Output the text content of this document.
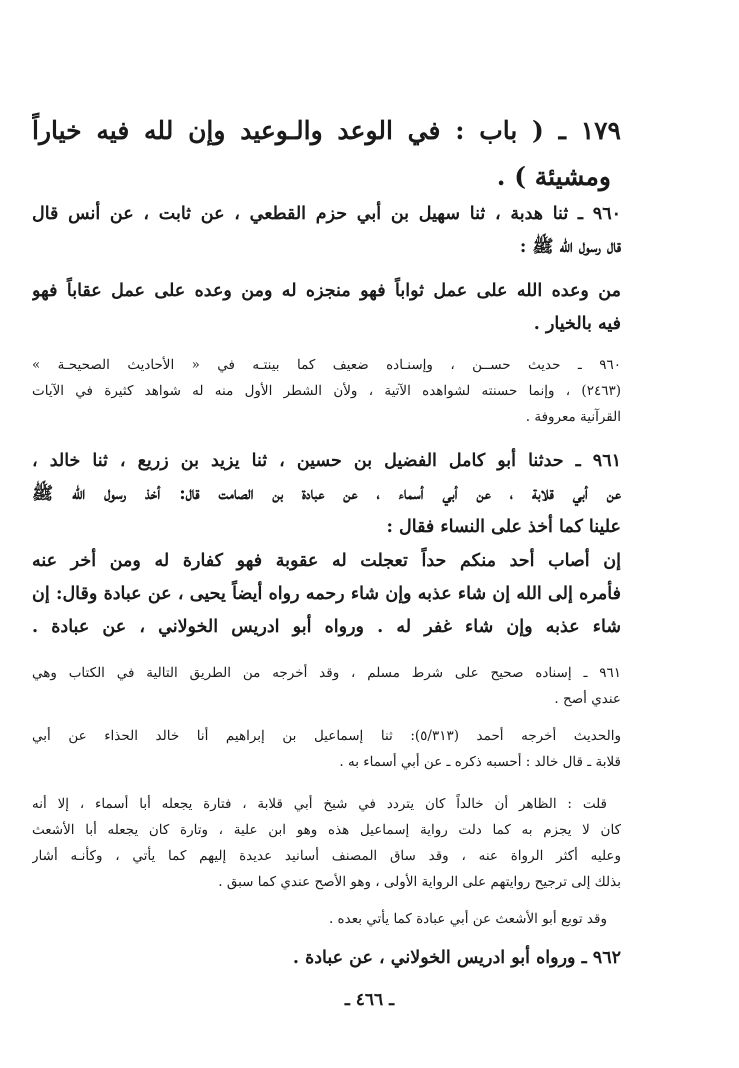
١٧٩ ـ ( باب : في الوعد والـوعيد وإن لله فيه خياراً
ومشيئة ) .
٩٦٠ ـ ثنا هدبة ، ثنا سهيل بن أبي حزم القطعي ، عن ثابت ، عن أنس قال
قال رسول الله ﷺ :
من وعده الله على عمل ثواباً فهو منجزه له ومن وعده على عمل عقاباً فهو
فيه بالخيار .
٩٦٠ ـ حديث حســن ، وإسنـاده ضعيف كما بينتـه في « الأحاديث الصحيحـة »
(٢٤٦٣) ، وإنما حسنته لشواهده الآتية ، ولأن الشطر الأول منه له شواهد كثيرة في الآيات
القرآنية معروفة .
٩٦١ ـ حدثنا أبو كامل الفضيل بن حسين ، ثنا يزيد بن زريع ، ثنا خالد ،
عن أبي قلابة ، عن أبي أسماء ، عن عبادة بن الصامت قال: أخذ رسول الله ﷺ
علينا كما أخذ على النساء فقال :
إن أصاب أحد منكم حداً تعجلت له عقوبة فهو كفارة له ومن أخر عنه
فأمره إلى الله إن شاء عذبه وإن شاء رحمه رواه أيضاً يحيى ، عن عبادة وقال: إن
شاء عذبه وإن شاء غفر له . ورواه أبو ادريس الخولاني ، عن عبادة .
٩٦١ ـ إسناده صحيح على شرط مسلم ، وقد أخرجه من الطريق التالية في الكتاب وهي
عندي أصح .
والحديث أخرجه أحمد (٥/٣١٣): ثنا إسماعيل بن إبراهيم أنا خالد الحذاء عن أبي
قلابة ـ قال خالد : أحسبه ذكره ـ عن أبي أسماء به .
قلت : الظاهر أن خالداً كان يتردد في شيخ أبي قلابة ، فتارة يجعله أبا أسماء ، إلا أنه
كان لا يجزم به كما دلت رواية إسماعيل هذه وهو ابن علية ، وتارة كان يجعله أبا الأشعث
وعليه أكثر الرواة عنه ، وقد ساق المصنف أسانيد عديدة إليهم كما يأتي ، وكأنـه أشار
بذلك إلى ترجيح روايتهم على الرواية الأولى ، وهو الأصح عندي كما سبق .
وقد توبع أبو الأشعث عن أبي عبادة كما يأتي بعده .
٩٦٢ ـ ورواه أبو ادريس الخولاني ، عن عبادة .
ـ ٤٦٦ ـ
